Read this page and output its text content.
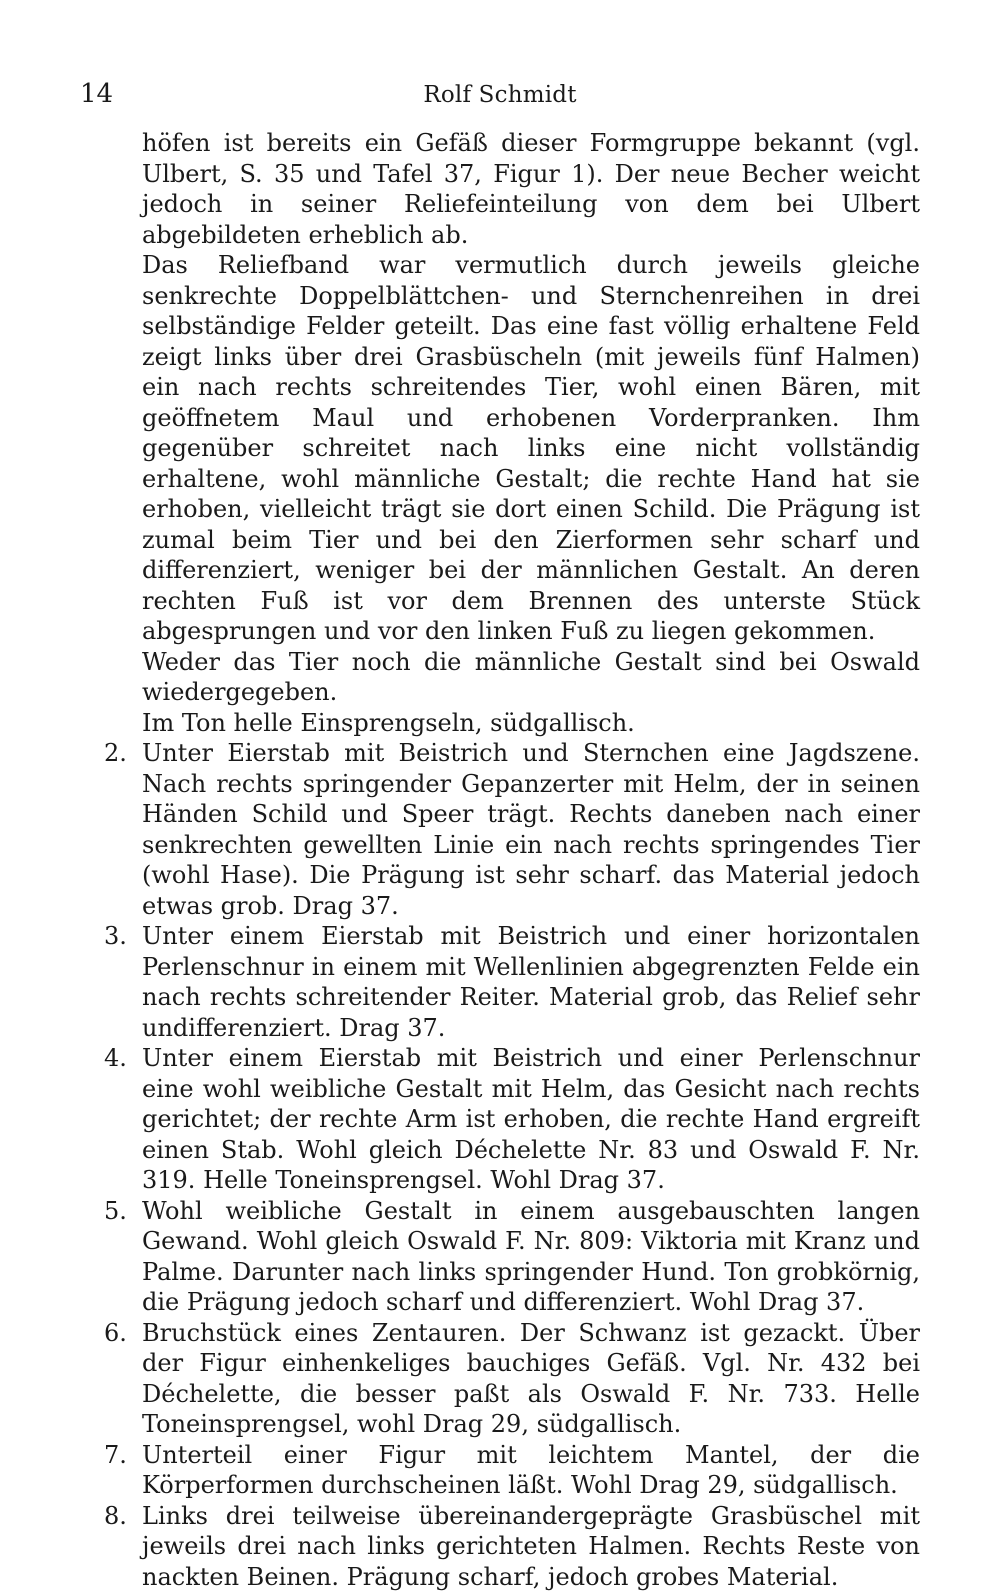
14	Rolf Schmidt

höfen ist bereits ein Gefäß dieser Formgruppe bekannt (vgl. Ulbert, S. 35 und Tafel 37, Figur 1). Der neue Becher weicht jedoch in seiner Reliefeinteilung von dem bei Ulbert abgebildeten erheblich ab.

Das Reliefband war vermutlich durch jeweils gleiche senkrechte Doppelblättchen- und Sternchenreihen in drei selbständige Felder geteilt. Das eine fast völlig erhaltene Feld zeigt links über drei Grasbüscheln (mit jeweils fünf Halmen) ein nach rechts schreitendes Tier, wohl einen Bären, mit geöffnetem Maul und erhobenen Vorderpranken. Ihm gegenüber schreitet nach links eine nicht vollständig erhaltene, wohl männliche Gestalt; die rechte Hand hat sie erhoben, vielleicht trägt sie dort einen Schild. Die Prägung ist zumal beim Tier und bei den Zierformen sehr scharf und differenziert, weniger bei der männlichen Gestalt. An deren rechten Fuß ist vor dem Brennen des unterste Stück abgesprungen und vor den linken Fuß zu liegen gekommen.

Weder das Tier noch die männliche Gestalt sind bei Oswald wiedergegeben.

Im Ton helle Einsprengseln, südgallisch.

2. Unter Eierstab mit Beistrich und Sternchen eine Jagdszene. Nach rechts springender Gepanzerter mit Helm, der in seinen Händen Schild und Speer trägt. Rechts daneben nach einer senkrechten gewellten Linie ein nach rechts springendes Tier (wohl Hase). Die Prägung ist sehr scharf. das Material jedoch etwas grob. Drag 37.
3. Unter einem Eierstab mit Beistrich und einer horizontalen Perlenschnur in einem mit Wellenlinien abgegrenzten Felde ein nach rechts schreitender Reiter. Material grob, das Relief sehr undifferenziert. Drag 37.
4. Unter einem Eierstab mit Beistrich und einer Perlenschnur eine wohl weibliche Gestalt mit Helm, das Gesicht nach rechts gerichtet; der rechte Arm ist erhoben, die rechte Hand ergreift einen Stab. Wohl gleich Déchelette Nr. 83 und Oswald F. Nr. 319. Helle Toneinsprengsel. Wohl Drag 37.
5. Wohl weibliche Gestalt in einem ausgebauschten langen Gewand. Wohl gleich Oswald F. Nr. 809: Viktoria mit Kranz und Palme. Darunter nach links springender Hund. Ton grobkörnig, die Prägung jedoch scharf und differenziert. Wohl Drag 37.
6. Bruchstück eines Zentauren. Der Schwanz ist gezackt. Über der Figur einhenkeliges bauchiges Gefäß. Vgl. Nr. 432 bei Déchelette, die besser paßt als Oswald F. Nr. 733. Helle Toneinsprengsel, wohl Drag 29, südgallisch.
7. Unterteil einer Figur mit leichtem Mantel, der die Körperformen durchscheinen läßt. Wohl Drag 29, südgallisch.
8. Links drei teilweise übereinandergeprägte Grasbüschel mit jeweils drei nach links gerichteten Halmen. Rechts Reste von nackten Beinen. Prägung scharf, jedoch grobes Material.
